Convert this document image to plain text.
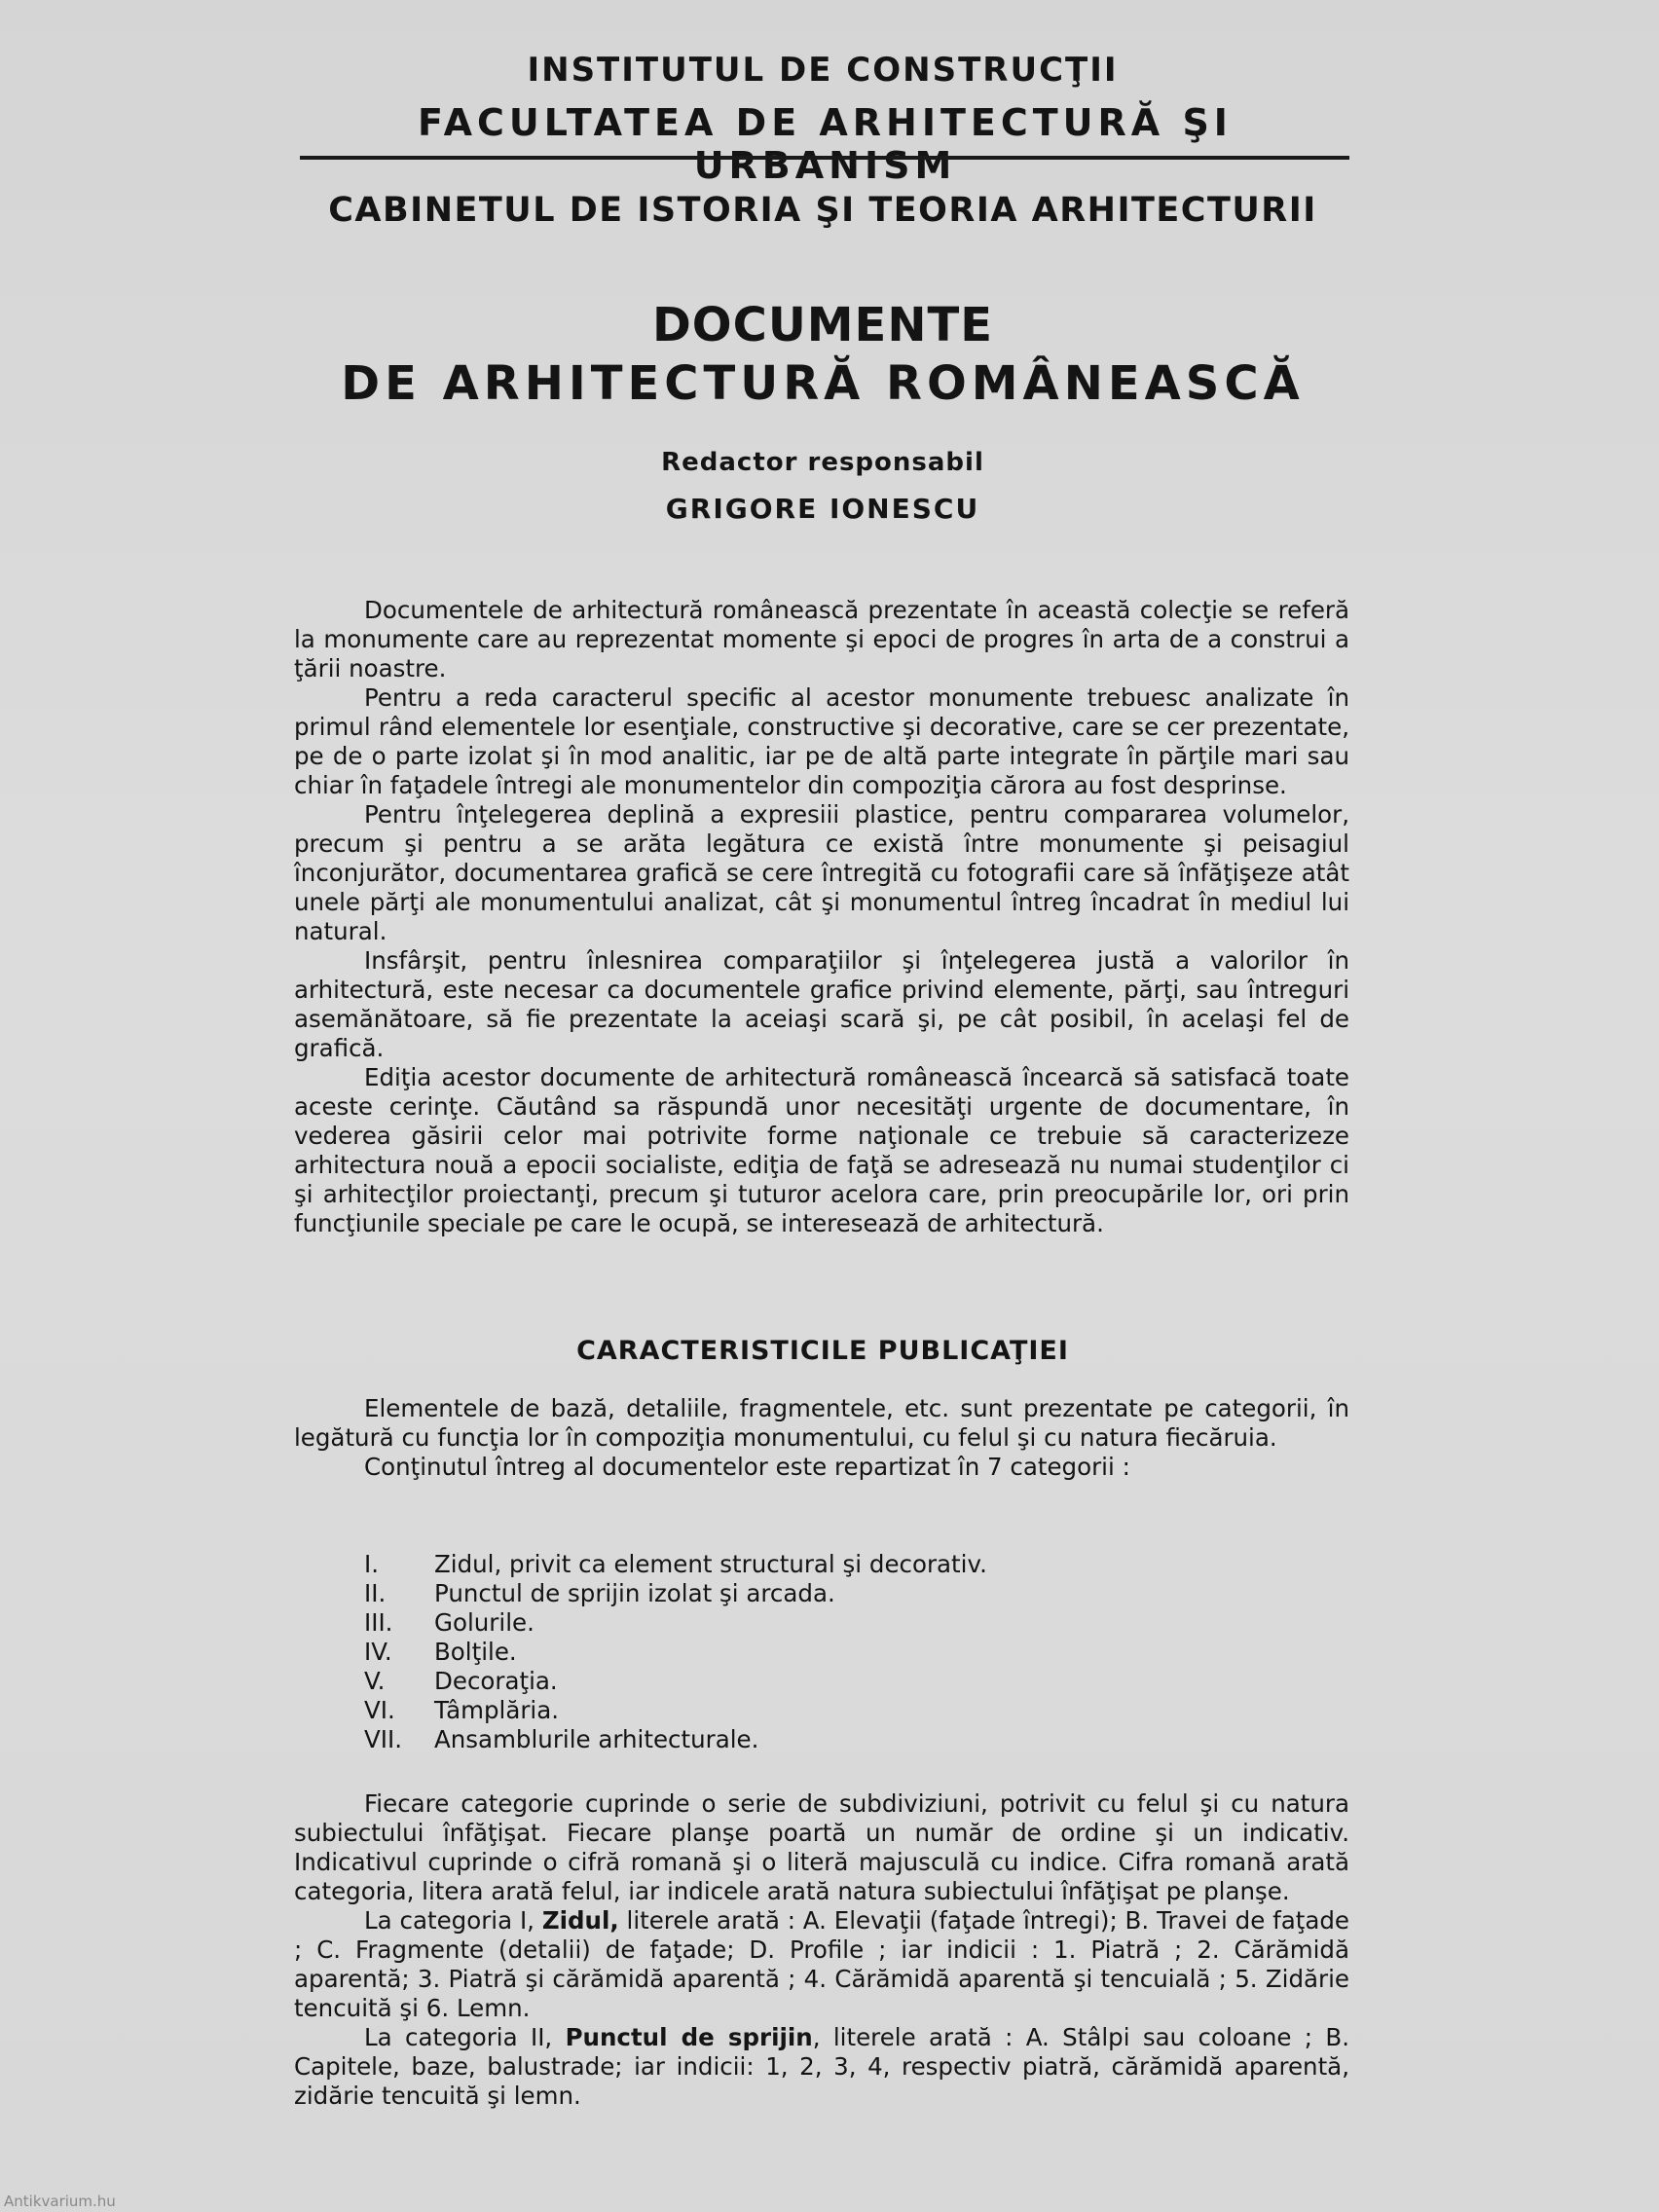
INSTITUTUL DE CONSTRUCŢII
FACULTATEA DE ARHITECTURĂ ŞI URBANISM
CABINETUL DE ISTORIA ŞI TEORIA ARHITECTURII
DOCUMENTE
DE ARHITECTURĂ ROMÂNEASCĂ
Redactor responsabil
GRIGORE IONESCU

Documentele de arhitectură românească prezentate în această colecţie se referă la monumente care au reprezentat momente şi epoci de progres în arta de a construi a ţării noastre.

Pentru a reda caracterul specific al acestor monumente trebuesc analizate în primul rând elementele lor esenţiale, constructive şi decorative, care se cer prezentate, pe de o parte izolat şi în mod analitic, iar pe de altă parte integrate în părţile mari sau chiar în faţadele întregi ale monumentelor din compoziţia cărora au fost desprinse.

Pentru înţelegerea deplină a expresiii plastice, pentru compararea volumelor, precum şi pentru a se arăta legătura ce există între monumente şi peisagiul înconjurător, documentarea grafică se cere întregită cu fotografii care să înfăţişeze atât unele părţi ale monumentului analizat, cât şi monumentul întreg încadrat în mediul lui natural.

Insfârşit, pentru înlesnirea comparaţiilor şi înţelegerea justă a valorilor în arhitectură, este necesar ca documentele grafice privind elemente, părţi, sau întreguri asemănătoare, să fie prezentate la aceiaşi scară şi, pe cât posibil, în acelaşi fel de grafică.

Ediţia acestor documente de arhitectură românească încearcă să satisfacă toate aceste cerinţe. Căutând sa răspundă unor necesităţi urgente de documentare, în vederea găsirii celor mai potrivite forme naţionale ce trebuie să caracterizeze arhitectura nouă a epocii socialiste, ediţia de faţă se adresează nu numai studenţilor ci şi arhitecţilor proiectanţi, precum şi tuturor acelora care, prin preocupările lor, ori prin funcţiunile speciale pe care le ocupă, se interesează de arhitectură.

CARACTERISTICILE PUBLICAŢIEI

Elementele de bază, detaliile, fragmentele, etc. sunt prezentate pe categorii, în legătură cu funcţia lor în compoziţia monumentului, cu felul şi cu natura fiecăruia.

Conţinutul întreg al documentelor este repartizat în 7 categorii :

I.	Zidul, privit ca element structural şi decorativ.
II.	Punctul de sprijin izolat şi arcada.
III.	Golurile.
IV.	Bolţile.
V.	Decoraţia.
VI.	Tâmplăria.
VII.	Ansamblurile arhitecturale.

Fiecare categorie cuprinde o serie de subdiviziuni, potrivit cu felul şi cu natura subiectului înfăţişat. Fiecare planşe poartă un număr de ordine şi un indicativ. Indicativul cuprinde o cifră romană şi o literă majusculă cu indice. Cifra romană arată categoria, litera arată felul, iar indicele arată natura subiectului înfăţişat pe planşe.

La categoria I, Zidul, literele arată : A. Elevaţii (faţade întregi); B. Travei de faţade ; C. Fragmente (detalii) de faţade; D. Profile ; iar indicii : 1. Piatră ; 2. Cărămidă aparentă; 3. Piatră şi cărămidă aparentă ; 4. Cărămidă aparentă şi tencuială ; 5. Zidărie tencuită şi 6. Lemn.

La categoria II, Punctul de sprijin, literele arată : A. Stâlpi sau coloane ; B. Capitele, baze, balustrade; iar indicii: 1, 2, 3, 4, respectiv piatră, cărămidă aparentă, zidărie tencuită şi lemn.

Antikvarium.hu
